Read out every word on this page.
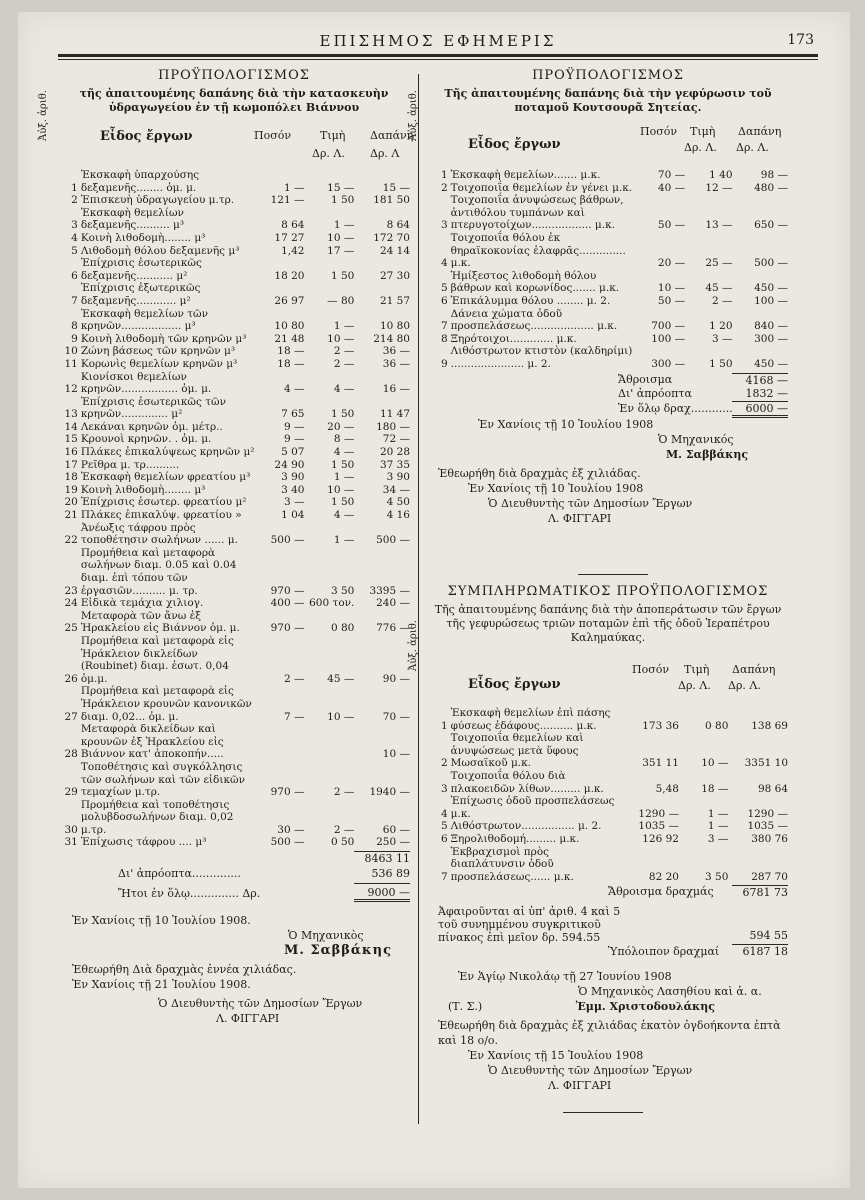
ΕΠΙΣΗΜΟΣ ΕΦΗΜΕΡΙΣ	173
ΠΡΟΫΠΟΛΟΓΙΣΜΟΣ
τῆς ἀπαιτουμένης δαπάνης διὰ τὴν κατασκευὴν ὑδραγωγείου ἐν τῇ κωμοπόλει Βιάννου
Ἀὐξ. ἀριθ.	Εἶδος ἔργων	Ποσόν	Τιμὴ
Δρ. Λ.
Δαπάνη
Δρ. Λ
1	Ἐκσκαφὴ ὑπαρχούσης δεξαμενῆς........ ὀμ. μ.	1 —	15 —	15 —
2	Ἐπισκευὴ ὑδραγωγείου μ.τρ.	121 —	1 50	181 50
3	Ἐκσκαφὴ θεμελίων δεξαμενῆς.......... μ³	8 64	1 —	8 64
4	Κοινὴ λιθοδομὴ........ μ³	17 27	10 —	172 70
5	Λιθοδομὴ θόλου δεξαμενῆς μ³	1,42	17 —	24 14
6	Ἐπίχρισις ἐσωτερικῶς δεξαμενῆς........... μ²	18 20	1 50	27 30
7	Ἐπίχρισις ἐξωτερικῶς δεξαμενῆς............ μ²	26 97	— 80	21 57
8	Ἐκσκαφὴ θεμελίων τῶν κρηνῶν.................. μ³	10 80	1 —	10 80
9	Κοινὴ λιθοδομὴ τῶν κρηνῶν μ³	21 48	10 —	214 80
10	Ζώνη βάσεως τῶν κρηνῶν μ³	18 —	2 —	36 —
11	Κορωνὶς θεμελίων κρηνῶν μ³	18 —	2 —	36 —
12	Κιονίσκοι θεμελίων κρηνῶν................. ὀμ. μ.	4 —	4 —	16 —
13	Ἐπίχρισις ἐσωτερικῶς τῶν κρηνῶν.............. μ²	7 65	1 50	11 47
14	Λεκάναι κρηνῶν ὀμ. μέτρ..	9 —	20 —	180 —
15	Κρουνοὶ κρηνῶν. . ὀμ. μ.	9 —	8 —	72 —
16	Πλάκες ἐπικαλύψεως κρηνῶν μ²	5 07	4 —	20 28
17	Ρεῖθρα μ. τρ..........	24 90	1 50	37 35
18	Ἐκσκαφὴ θεμελίων φρεατίου μ³	3 90	1 —	3 90
19	Κοινὴ λιθοδομὴ........ μ³	3 40	10 —	34 —
20	Ἐπίχρισις ἐσωτερ. φρεατίου μ²	3 —	1 50	4 50
21	Πλάκες ἐπικαλύψ. φρεατίου »	1 04	4 —	4 16
22	Ἀνέωξις τάφρου πρὸς τοποθέτησιν σωλήνων ...... μ.	500 —	1 —	500 —
23	Προμήθεια καὶ μεταφορὰ σωλήνων διαμ. 0.05 καὶ 0.04 διαμ. ἐπὶ τόπου τῶν ἐργασιῶν.......... μ. τρ.	970 —	3 50	3395 —
24	Εἰδικὰ τεμάχια χιλιογ.	400 —	600 τον.	240 —
25	Μεταφορὰ τῶν ἄνω ἐξ Ἡρακλείου εἰς Βιάννον ὀμ. μ.	970 —	0 80	776 —
26	Προμήθεια καὶ μεταφορὰ εἰς Ἡράκλειον δικλείδων (Roubinet) διαμ. ἐσωτ. 0,04 ὀμ.μ.	2 —	45 —	90 —
27	Προμήθεια καὶ μεταφορὰ εἰς Ἡράκλειον κρουνῶν κανονικῶν διαμ. 0,02... ὀμ. μ.	7 —	10 —	70 —
28	Μεταφορὰ δικλείδων καὶ κρουνῶν ἐξ Ἡρακλείου εἰς Βιάννον κατ' ἀποκοπήν.....			10 —
29	Τοποθέτησις καὶ συγκόλλησις τῶν σωλήνων καὶ τῶν εἰδικῶν τεμαχίων μ.τρ.	970 —	2 —	1940 —
30	Προμήθεια καὶ τοποθέτησις μολυβδοσωλήνων διαμ. 0,02 μ.τρ.	30 —	2 —	60 —
31	Ἐπίχωσις τάφρου .... μ³	500 —	0 50	250 —
8463 11
Δι' ἀπρόοπτα..............	536 89
Ἤτοι ἐν ὅλῳ.............. Δρ.	9000 —
Ἐν Χανίοις τῇ 10 Ἰουλίου 1908.
Ὁ Μηχανικὸς
Μ. Σαββάκης
Ἐθεωρήθη Διὰ δραχμὰς ἐννέα χιλιάδας.
Ἐν Χανίοις τῇ 21 Ἰουλίου 1908.
Ὁ Διευθυντὴς τῶν Δημοσίων Ἔργων
Λ. ΦΙΓΓΑΡΙ
ΠΡΟΫΠΟΛΟΓΙΣΜΟΣ
Τῆς ἀπαιτουμένης δαπάνης διὰ τὴν γεφύρωσιν τοῦ ποταμοῦ Κουτσουρᾶ Σητείας.
Ἀὐξ. ἀριθ.
Εἶδος ἔργων
Ποσόν Τιμὴ
Δρ. Λ.
Δαπάνη
Δρ. Λ.
1	Ἐκσκαφὴ θεμελίων....... μ.κ.	70 —	1 40	98 —
2	Τοιχοποιΐα θεμελίων ἐν γένει μ.κ.	40 —	12 —	480 —
3	Τοιχοποιΐα ἀνυψώσεως βάθρων, ἀντιθόλου τυμπάνων καὶ πτερυγοτοίχων.................. μ.κ.	50 —	13 —	650 —
4	Τοιχοποιΐα θόλου ἐκ θηραϊκοκονίας ἐλαφρᾶς.............. μ.κ.	20 —	25 —	500 —
5	Ἡμίξεστος λιθοδομὴ θόλου βάθρων καὶ κορωνίδος....... μ.κ.	10 —	45 —	450 —
6	Ἐπικάλυμμα θόλου ........ μ. 2.	50 —	2 —	100 —
7	Δάνεια χώματα ὁδοῦ προσπελάσεως................... μ.κ.	700 —	1 20	840 —
8	Ξηρότοιχοι............. μ.κ.	100 —	3 —	300 —
9	Λιθόστρωτον κτιστὸν (καλδηρίμι) ...................... μ. 2.	300 —	1 50	450 —
Ἄθροισμα	4168 —
Δι' ἀπρόοπτα	1832 —
Ἐν ὅλῳ δραχ............	6000 —
Ἐν Χανίοις τῇ 10 Ἰουλίου 1908
Ὁ Μηχανικός
Μ. Σαββάκης
Ἐθεωρήθη διὰ δραχμὰς ἐξ χιλιάδας.
Ἐν Χανίοις τῇ 10 Ἰουλίου 1908
Ὁ Διευθυντὴς τῶν Δημοσίων Ἔργων
Λ. ΦΙΓΓΑΡΙ
ΣΥΜΠΛΗΡΩΜΑΤΙΚΟΣ ΠΡΟΫΠΟΛΟΓΙΣΜΟΣ
Τῆς ἀπαιτουμένης δαπάνης διὰ τὴν ἀποπεράτωσιν τῶν ἔργων τῆς γεφυρώσεως τριῶν ποταμῶν ἐπὶ τῆς ὁδοῦ Ἱεραπέτρου Καλημαύκας.
Ἀὐξ. ἀριθ.
Εἶδος ἔργων
Ποσόν Τιμὴ
Δρ. Λ.
Δαπάνη
Δρ. Λ.
1	Ἐκσκαφὴ θεμελίων ἐπὶ πάσης φύσεως ἐδάφους.......... μ.κ.	173 36	0 80	138 69
2	Τοιχοποιΐα θεμελίων καὶ ἀνυψώσεως μετὰ ὕφους Μωσαϊκοῦ μ.κ.	351 11	10 —	3351 10
3	Τοιχοποιΐα θόλου διὰ πλακοειδῶν λίθων......... μ.κ.	5,48	18 —	98 64
4	Ἐπίχωσις ὁδοῦ προσπελάσεως μ.κ.	1290 —	1 —	1290 —
5	Λιθόστρωτον................ μ. 2.	1035 —	1 —	1035 —
6	Ξηρολιθοδομή......... μ.κ.	126 92	3 —	380 76
7	Ἐκβραχισμοὶ πρὸς διαπλάτυνσιν ὁδοῦ προσπελάσεως...... μ.κ.	82 20	3 50	287 70
Ἄθροισμα δραχμάς	6781 73
Ἀφαιροῦνται αἱ ὑπ' ἀριθ. 4 καὶ 5 τοῦ συνημμένου συγκριτικοῦ πίνακος ἐπὶ μεῖον δρ. 594.55	594 55
Ὑπόλοιπον δραχμαί	6187 18
Ἐν Ἁγίῳ Νικολάῳ τῇ 27 Ἰουνίου 1908
Ὁ Μηχανικὸς Λασηθίου καὶ ἀ. α.
(Τ. Σ.)	Ἐμμ. Χριστοδουλάκης
Ἐθεωρήθη διὰ δραχμὰς ἐξ χιλιάδας ἑκατὸν ὀγδοήκοντα ἑπτὰ καὶ 18 ο/ο.
Ἐν Χανίοις τῇ 15 Ἰουλίου 1908
Ὁ Διευθυντὴς τῶν Δημοσίων Ἔργων
Λ. ΦΙΓΓΑΡΙ
